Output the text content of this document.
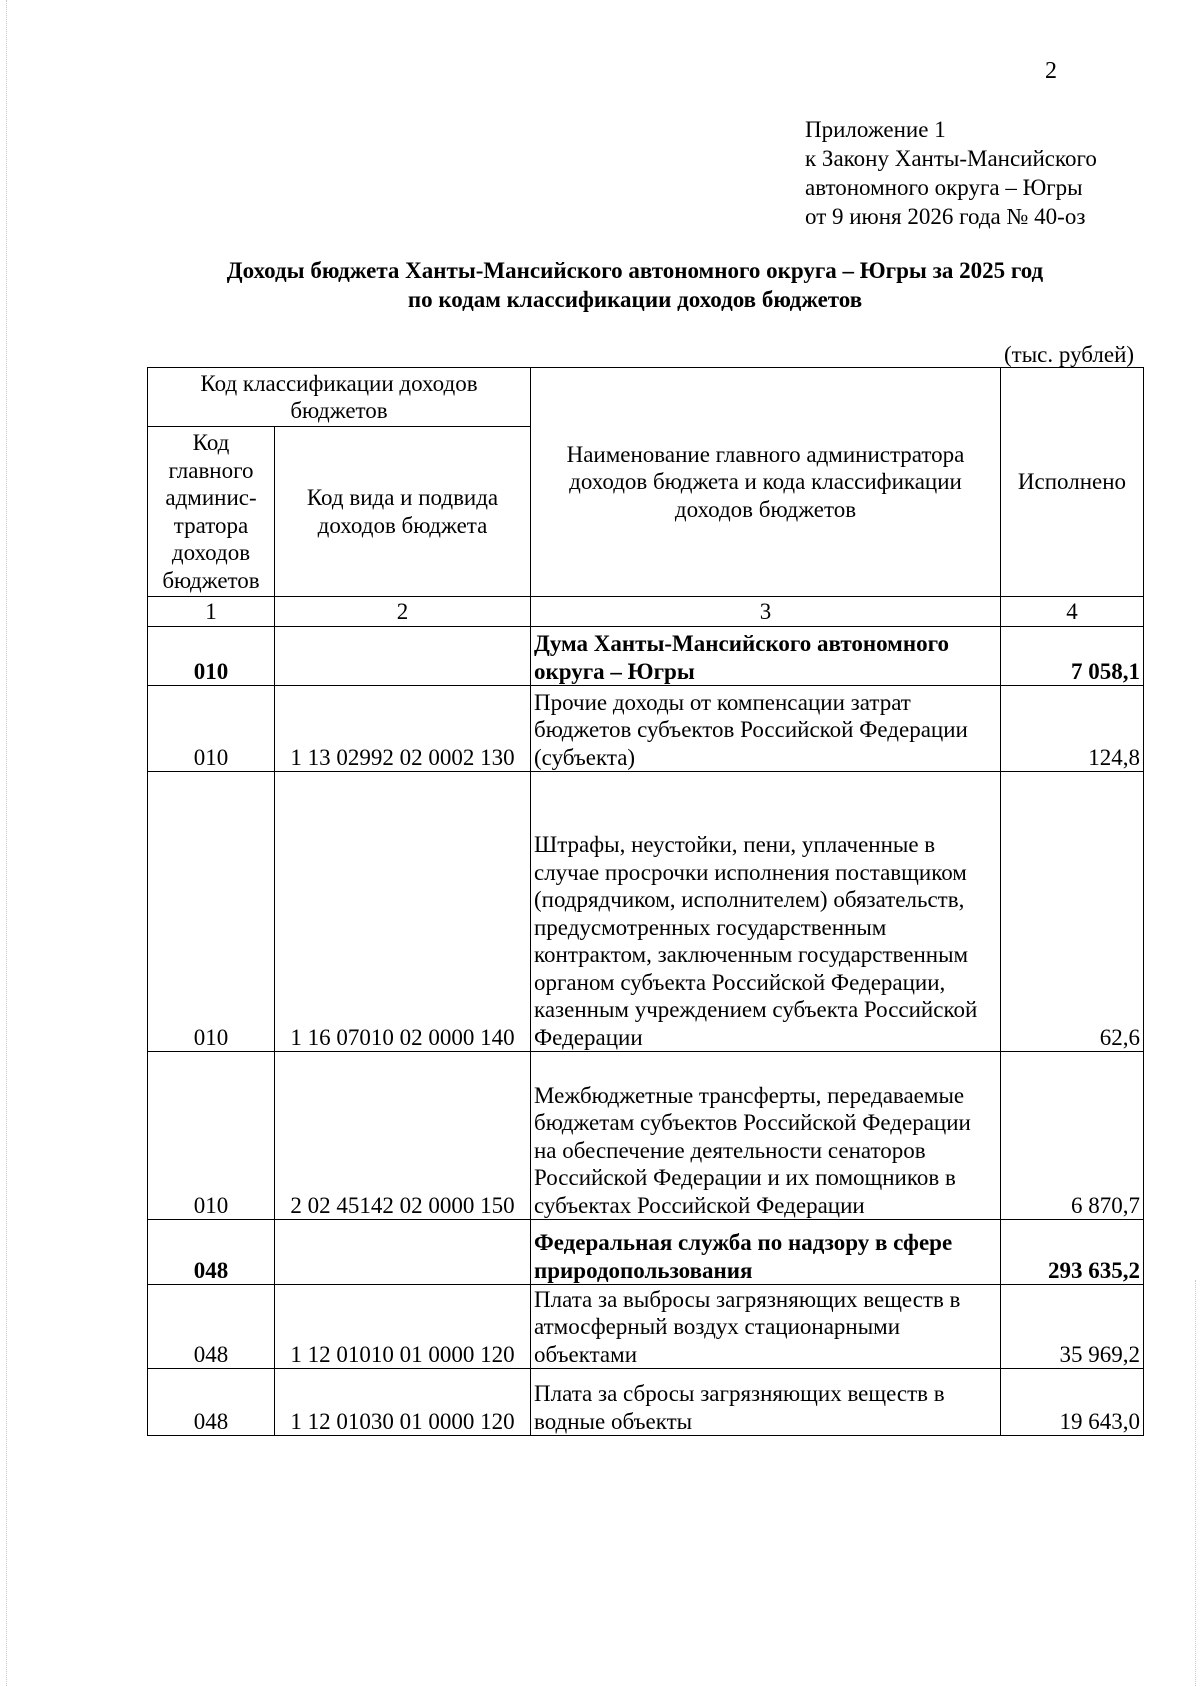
2
Приложение 1
к Закону Ханты-Мансийского
автономного округа – Югры
от 9 июня 2026 года № 40-оз
Доходы бюджета Ханты-Мансийского автономного округа – Югры за 2025 год
по кодам классификации доходов бюджетов
(тыс. рублей)
Код классификации доходов бюджетов		Наименование главного администратора доходов бюджета и кода классификации доходов бюджетов	Исполнено
Код главного админис-тратора доходов бюджетов	Код вида и подвида доходов бюджета		
1	2	3	4
010		Дума Ханты-Мансийского автономного округа – Югры	7 058,1
010	1 13 02992 02 0002 130	Прочие доходы от компенсации затрат бюджетов субъектов Российской Федерации (субъекта)	124,8
010	1 16 07010 02 0000 140	Штрафы, неустойки, пени, уплаченные в случае просрочки исполнения поставщиком (подрядчиком, исполнителем) обязательств, предусмотренных государственным контрактом, заключенным государственным органом субъекта Российской Федерации, казенным учреждением субъекта Российской Федерации	62,6
010	2 02 45142 02 0000 150	Межбюджетные трансферты, передаваемые бюджетам субъектов Российской Федерации на обеспечение деятельности сенаторов Российской Федерации и их помощников в субъектах Российской Федерации	6 870,7
048		Федеральная служба по надзору в сфере природопользования	293 635,2
048	1 12 01010 01 0000 120	Плата за выбросы загрязняющих веществ в атмосферный воздух стационарными объектами	35 969,2
048	1 12 01030 01 0000 120	Плата за сбросы загрязняющих веществ в водные объекты	19 643,0
